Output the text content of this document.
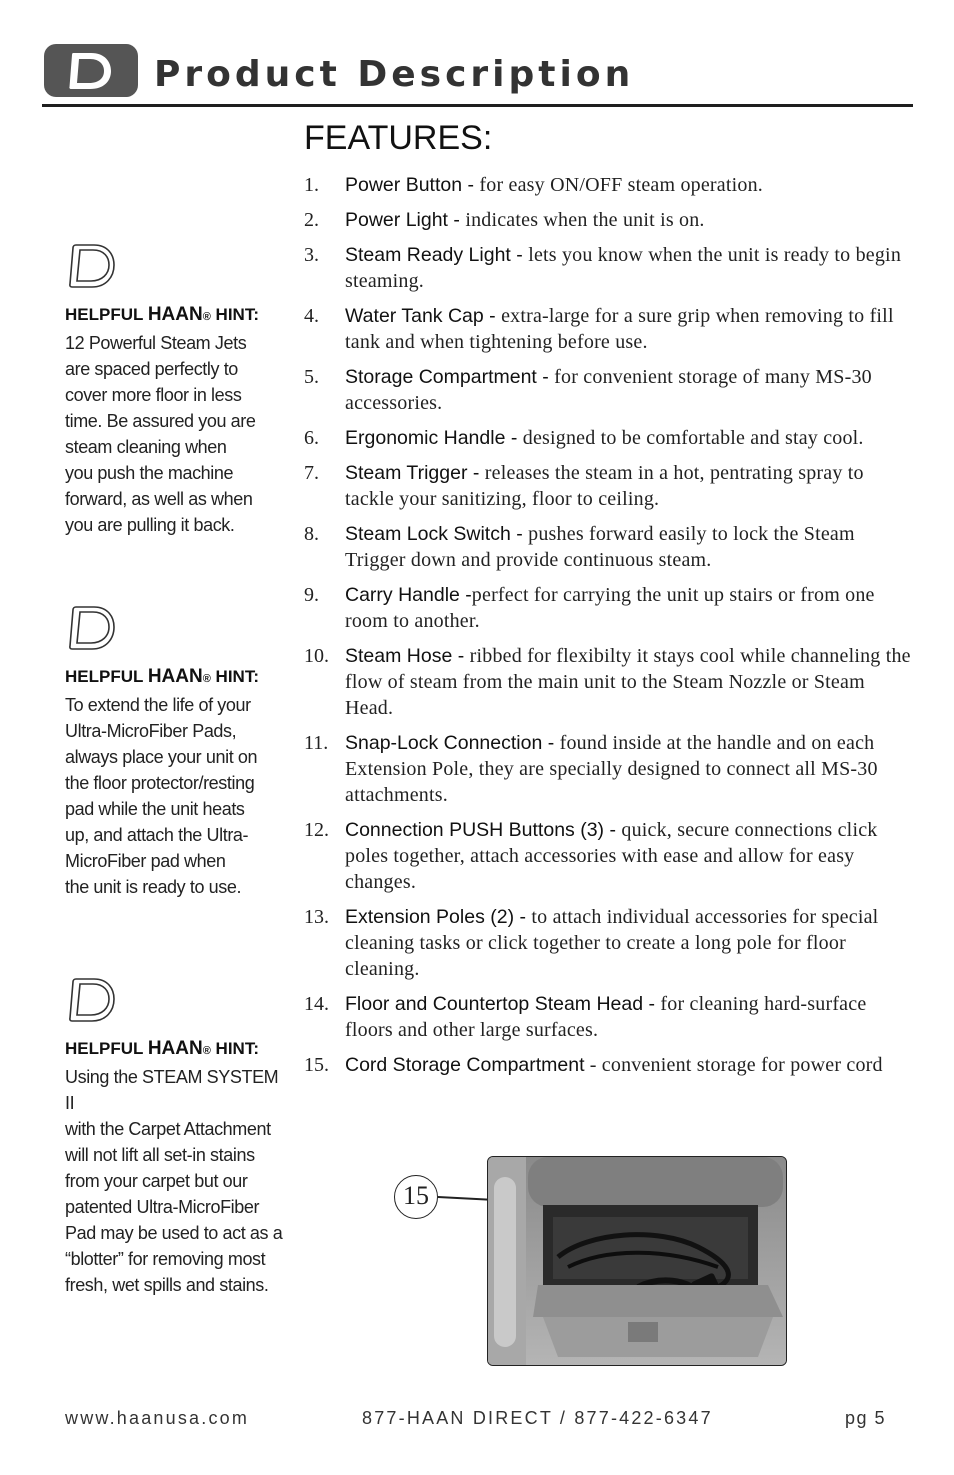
Product Description
HELPFUL HAAN® HINT:
12 Powerful Steam Jets
are spaced perfectly to
cover more floor in less
time. Be assured you are
steam cleaning when
you push the machine
forward, as well as when
you are pulling it back.
HELPFUL HAAN® HINT:
To extend the life of your
Ultra-MicroFiber Pads,
always place your unit on
the floor protector/resting
pad while the unit heats
up, and attach the Ultra-
MicroFiber pad when
the unit is ready to use.
HELPFUL HAAN® HINT:
Using the STEAM SYSTEM II
with the Carpet Attachment
will not lift all set-in stains
from your carpet but our
patented Ultra-MicroFiber
Pad may be used to act as a
“blotter” for removing most
fresh, wet spills and stains.
FEATURES:
1.	Power Button - for easy ON/OFF steam operation.
2.	Power Light - indicates when the unit is on.
3.	Steam Ready Light - lets you know when the unit is ready to begin steaming.
4.	Water Tank Cap - extra-large for a sure grip when removing to fill tank and when tightening before use.
5.	Storage Compartment - for convenient storage of many MS-30 accessories.
6.	Ergonomic Handle - designed to be comfortable and stay cool.
7.	Steam Trigger - releases the steam in a hot, pentrating spray to tackle your sanitizing, floor to ceiling.
8.	Steam Lock Switch - pushes forward easily to lock the Steam Trigger down and provide continuous steam.
9.	Carry Handle -perfect for carrying the unit up stairs or from one room to another.
10. Steam Hose - ribbed for flexibilty it stays cool while channeling the flow of steam from the main unit to the Steam Nozzle or Steam Head.
11. Snap-Lock Connection - found inside at the handle and on each Extension Pole, they are specially designed to connect all MS-30 attachments.
12. Connection PUSH Buttons (3) - quick, secure connections click poles together, attach accessories with ease and allow for easy changes.
13. Extension Poles (2) - to attach individual accessories for special cleaning tasks or click together to create a long pole for floor cleaning.
14. Floor and Countertop Steam Head - for cleaning hard-surface floors and other large surfaces.
15. Cord Storage Compartment - convenient storage for power cord
15
www.haanusa.com	877-HAAN DIRECT / 877-422-6347	pg 5
